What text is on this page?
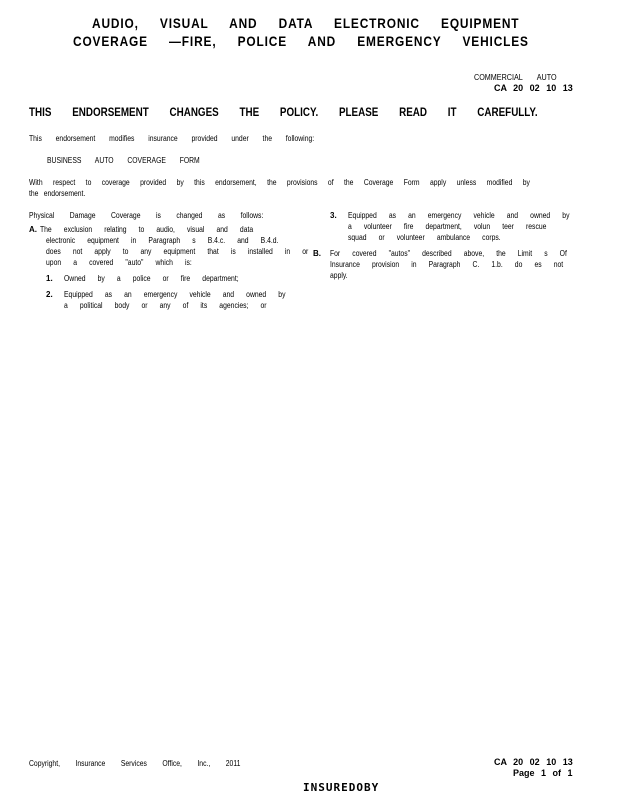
AUDIO, VISUAL AND DATA ELECTRONIC EQUIPMENT
COVERAGE —FIRE, POLICE AND EMERGENCY VEHICLES
COMMERCIAL AUTO
CA 20 02 10 13
THIS ENDORSEMENT CHANGES THE POLICY. PLEASE READ IT CAREFULLY.
This endorsement modifies insurance provided under the following:
BUSINESS AUTO COVERAGE FORM
With respect to coverage provided by this endorsement, the provisions of the Coverage Form apply unless modified by
the endorsement.
Physical Damage Coverage is changed as follows:
A. The exclusion relating to audio, visual and data
electronic equipment in Paragraph s B.4.c. and B.4.d.
does not apply to any equipment that is installed in or
upon a covered "auto" which is:
1. Owned by a police or fire department;
2. Equipped as an emergency vehicle and owned by
a political body or any of its agencies; or
3. Equipped as an emergency vehicle and owned by
a volunteer fire department, volun teer rescue
squad or volunteer ambulance corps.
B. For covered "autos" described above, the Limit s Of
Insurance provision in Paragraph C. 1.b. do es not
apply.
Copyright, Insurance Services Office, Inc., 2011	CA 20 02 10 13
Page 1 of 1
INSUREDOBY
